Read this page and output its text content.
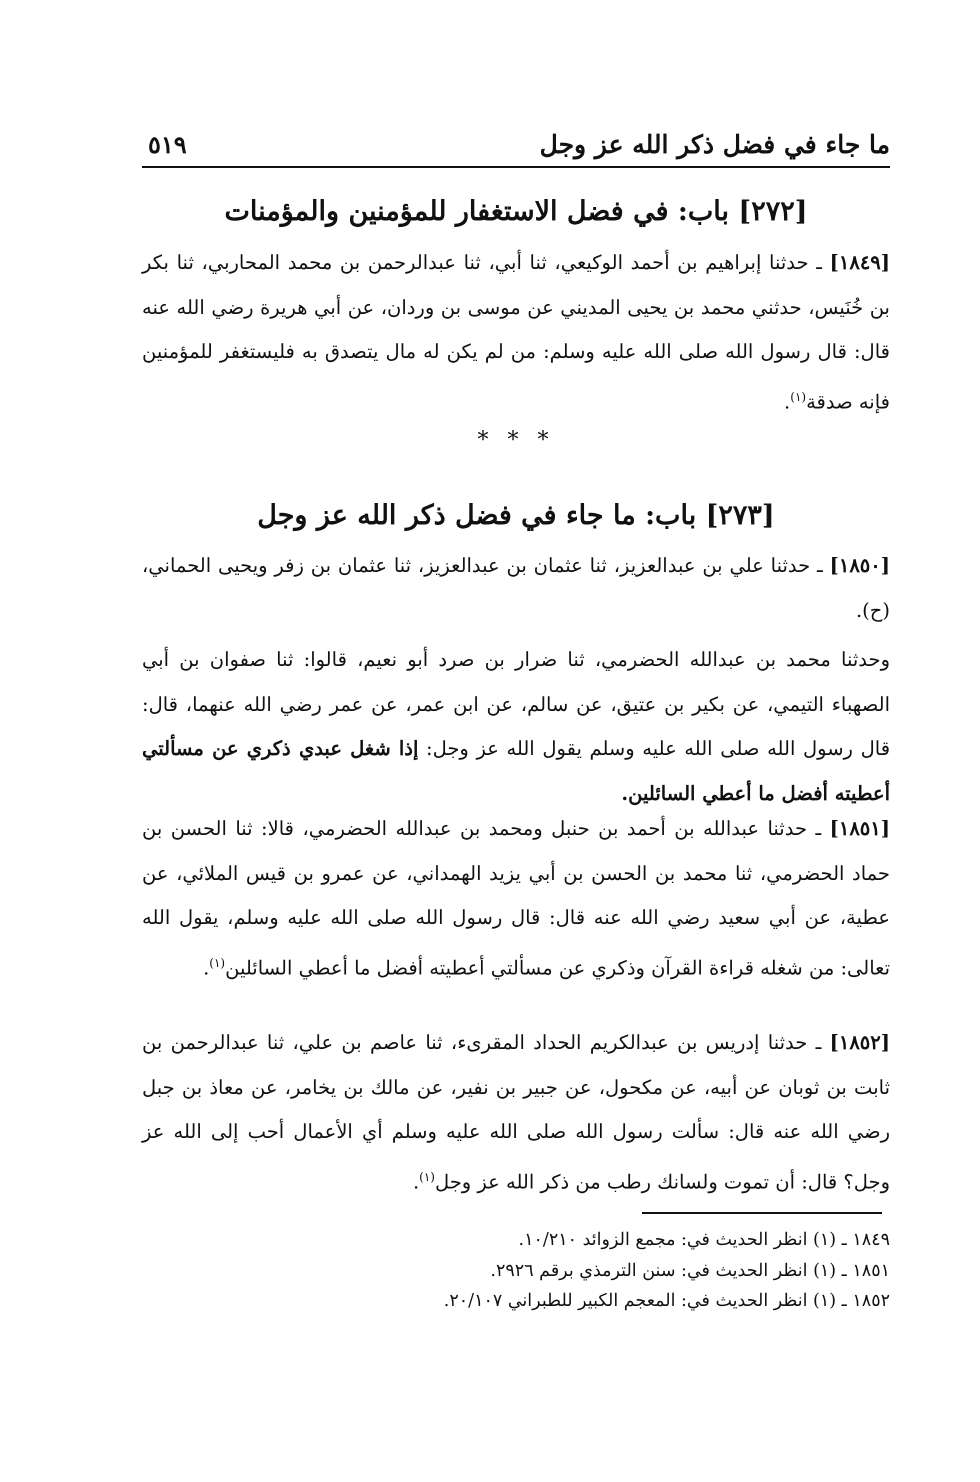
ما جاء في فضل ذكر الله عز وجل
٥١٩
[٢٧٢] باب: في فضل الاستغفار للمؤمنين والمؤمنات

[١٨٤٩] ـ حدثنا إبراهيم بن أحمد الوكيعي، ثنا أبي، ثنا عبدالرحمن بن محمد المحاربي، ثنا بكر بن خُنَيس، حدثني محمد بن يحيى المديني عن موسى بن وردان، عن أبي هريرة رضي الله عنه قال: قال رسول الله صلى الله عليه وسلم: من لم يكن له مال يتصدق به فليستغفر للمؤمنين فإنه صدقة$^{(١)}$.

* * *
[٢٧٣] باب: ما جاء في فضل ذكر الله عز وجل

[١٨٥٠] ـ حدثنا علي بن عبدالعزيز، ثنا عثمان بن عبدالعزيز، ثنا عثمان بن زفر ويحيى الحماني، (ح).

وحدثنا محمد بن عبدالله الحضرمي، ثنا ضرار بن صرد أبو نعيم، قالوا: ثنا صفوان بن أبي الصهباء التيمي، عن بكير بن عتيق، عن سالم، عن ابن عمر، عن عمر رضي الله عنهما، قال: قال رسول الله صلى الله عليه وسلم يقول الله عز وجل: إذا شغل عبدي ذكري عن مسألتي أعطيته أفضل ما أعطي السائلين.

[١٨٥١] ـ حدثنا عبدالله بن أحمد بن حنبل ومحمد بن عبدالله الحضرمي، قالا: ثنا الحسن بن حماد الحضرمي، ثنا محمد بن الحسن بن أبي يزيد الهمداني، عن عمرو بن قيس الملائي، عن عطية، عن أبي سعيد رضي الله عنه قال: قال رسول الله صلى الله عليه وسلم، يقول الله تعالى: من شغله قراءة القرآن وذكري عن مسألتي أعطيته أفضل ما أعطي السائلين$^{(١)}$.

[١٨٥٢] ـ حدثنا إدريس بن عبدالكريم الحداد المقرىء، ثنا عاصم بن علي، ثنا عبدالرحمن بن ثابت بن ثوبان عن أبيه، عن مكحول، عن جبير بن نفير، عن مالك بن يخامر، عن معاذ بن جبل رضي الله عنه قال: سألت رسول الله صلى الله عليه وسلم أي الأعمال أحب إلى الله عز وجل؟ قال: أن تموت ولسانك رطب من ذكر الله عز وجل$^{(١)}$.

١٨٤٩ ـ (١) انظر الحديث في: مجمع الزوائد ١٠/٢١٠.
١٨٥١ ـ (١) انظر الحديث في: سنن الترمذي برقم ٢٩٢٦.
١٨٥٢ ـ (١) انظر الحديث في: المعجم الكبير للطبراني ٢٠/١٠٧.
